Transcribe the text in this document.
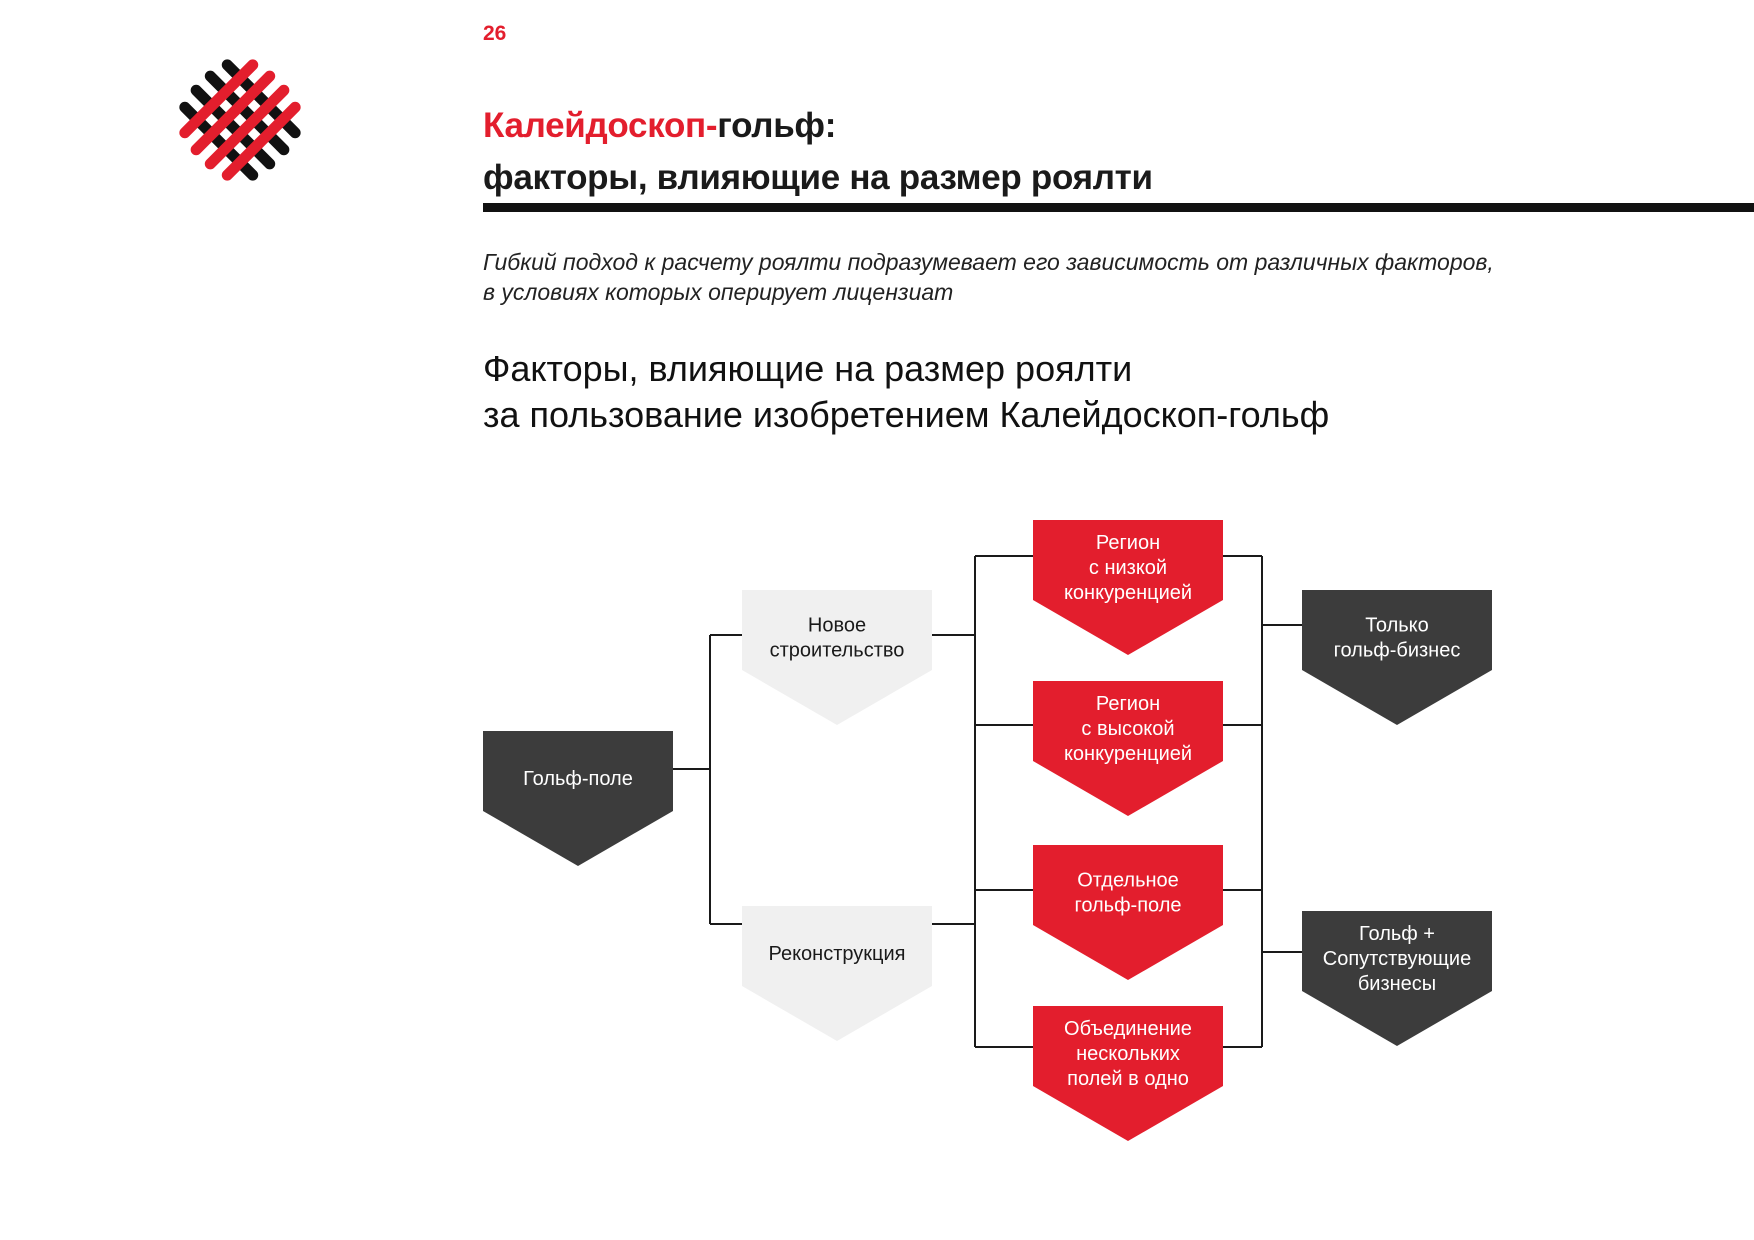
26
Калейдоскоп-гольф:
факторы, влияющие на размер роялти
Гибкий подход к расчету роялти подразумевает его зависимость от различных факторов,
в условиях которых оперирует лицензиат
Факторы, влияющие на размер роялти
за пользование изобретением Калейдоскоп-гольф
Гольф-поле
Новое
строительство
Реконструкция
Регион
с низкой
конкуренцией
Регион
с высокой
конкуренцией
Отдельное
гольф-поле
Объединение
нескольких
полей в одно
Только
гольф-бизнес
Гольф +
Сопутствующие
бизнесы
